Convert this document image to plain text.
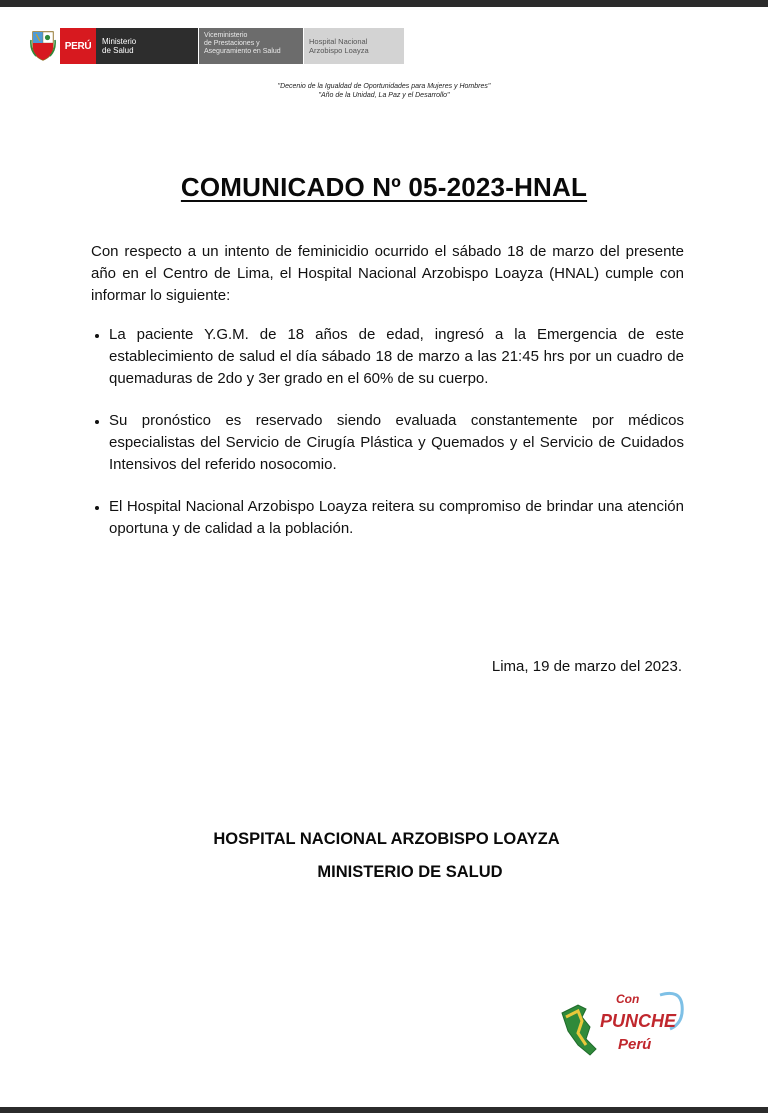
PERÚ	Ministerio
de Salud
Viceministerio
de Prestaciones y
Aseguramiento en Salud
Hospital Nacional
Arzobispo Loayza
"Decenio de la Igualdad de Oportunidades para Mujeres y Hombres"
"Año de la Unidad, La Paz y el Desarrollo"
COMUNICADO Nº 05-2023-HNAL

Con respecto a un intento de feminicidio ocurrido el sábado 18 de marzo del presente año en el Centro de Lima, el Hospital Nacional Arzobispo Loayza (HNAL) cumple con informar lo siguiente:

• La paciente Y.G.M. de 18 años de edad, ingresó a la Emergencia de este establecimiento de salud el día sábado 18 de marzo a las 21:45 hrs por un cuadro de quemaduras de 2do y 3er grado en el 60% de su cuerpo.
• Su pronóstico es reservado siendo evaluada constantemente por médicos especialistas del Servicio de Cirugía Plástica y Quemados y el Servicio de Cuidados Intensivos del referido nosocomio.
• El Hospital Nacional Arzobispo Loayza reitera su compromiso de brindar una atención oportuna y de calidad a la población.
Lima, 19 de marzo del 2023.
HOSPITAL NACIONAL ARZOBISPO LOAYZA
MINISTERIO DE SALUD
Con
PUNCHE
Perú
